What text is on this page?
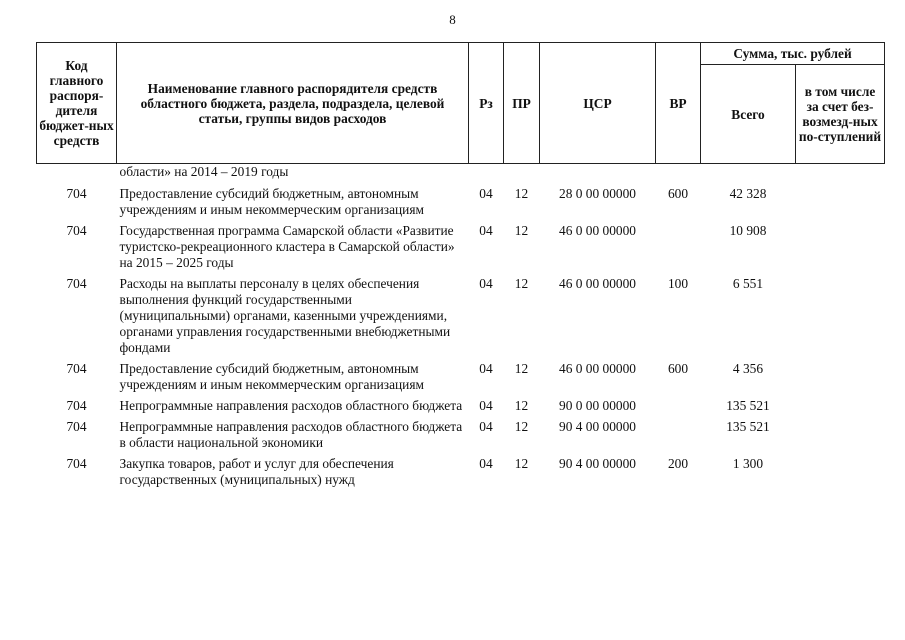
8
Код главного распоря-дителя бюджет-ных средств	Наименование главного распорядителя средств областного бюджета, раздела, подраздела, целевой статьи, группы видов расходов	Рз	ПР	ЦСР	ВР	Сумма, тыс. рублей	
						Всего	в том числе за счет без-возмезд-ных по-ступлений
	области» на 2014 – 2019 годы						
704	Предоставление субсидий бюджетным, автономным учреждениям и иным некоммерческим организациям	04	12	28 0 00 00000	600	42 328	
704	Государственная программа Самарской области «Развитие туристско-рекреационного кластера в Самарской области» на 2015 – 2025 годы	04	12	46 0 00 00000		10 908	
704	Расходы на выплаты персоналу в целях обеспечения выполнения функций государственными (муниципальными) органами, казенными учреждениями, органами управления государственными внебюджетными фондами	04	12	46 0 00 00000	100	6 551	
704	Предоставление субсидий бюджетным, автономным учреждениям и иным некоммерческим организациям	04	12	46 0 00 00000	600	4 356	
704	Непрограммные направления расходов областного бюджета	04	12	90 0 00 00000		135 521	
704	Непрограммные направления расходов областного бюджета в области национальной экономики	04	12	90 4 00 00000		135 521	
704	Закупка товаров, работ и услуг для обеспечения государственных (муниципальных) нужд	04	12	90 4 00 00000	200	1 300	
